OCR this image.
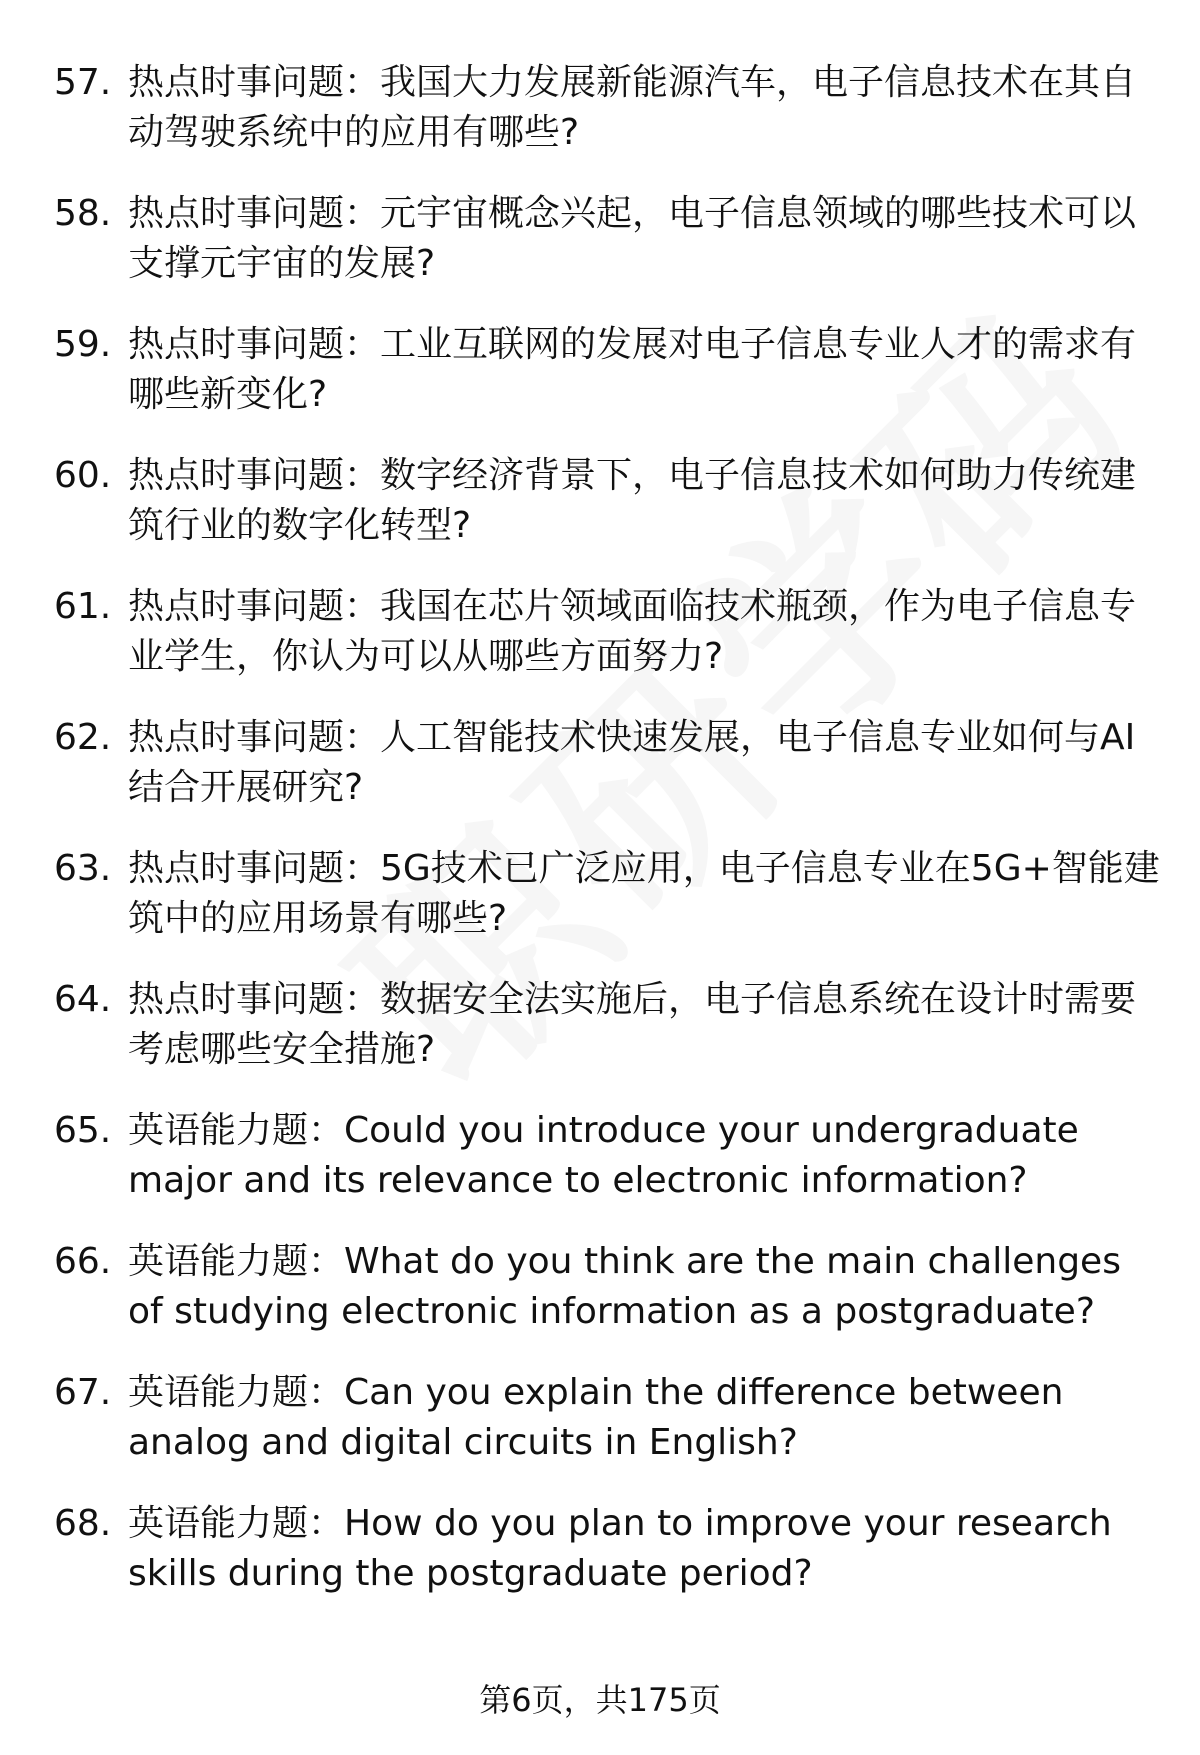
57. 热点时事问题：我国大力发展新能源汽车，电子信息技术在其自动驾驶系统中的应用有哪些?
58. 热点时事问题：元宇宙概念兴起，电子信息领域的哪些技术可以支撑元宇宙的发展?
59. 热点时事问题：工业互联网的发展对电子信息专业人才的需求有哪些新变化?
60. 热点时事问题：数字经济背景下，电子信息技术如何助力传统建筑行业的数字化转型?
61. 热点时事问题：我国在芯片领域面临技术瓶颈，作为电子信息专业学生，你认为可以从哪些方面努力?
62. 热点时事问题：人工智能技术快速发展，电子信息专业如何与AI结合开展研究?
63. 热点时事问题：5G技术已广泛应用，电子信息专业在5G+智能建筑中的应用场景有哪些?
64. 热点时事问题：数据安全法实施后，电子信息系统在设计时需要考虑哪些安全措施?
65. 英语能力题：Could you introduce your undergraduate major and its relevance to electronic information?
66. 英语能力题：What do you think are the main challenges of studying electronic information as a postgraduate?
67. 英语能力题：Can you explain the difference between analog and digital circuits in English?
68. 英语能力题：How do you plan to improve your research skills during the postgraduate period?
第6页，共175页
